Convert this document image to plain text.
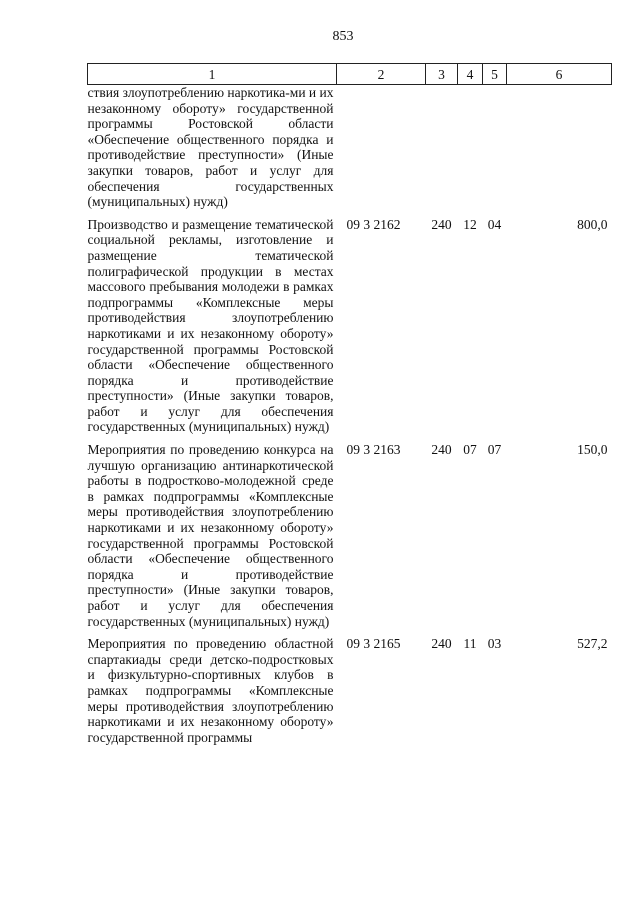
853
1	2	3	4	5	6
ствия злоупотреблению наркотика-ми и их незаконному обороту» государственной программы Ростовской области «Обеспечение общественного порядка и противодействие преступности» (Иные закупки товаров, работ и услуг для обеспечения государственных (муниципальных) нужд)					
Производство и размещение тематической социальной рекламы, изготовление и размещение тематической полиграфической продукции в местах массового пребывания молодежи в рамках подпрограммы «Комплексные меры противодействия злоупотреблению наркотиками и их незаконному обороту» государственной программы Ростовской области «Обеспечение общественного порядка и противодействие преступности» (Иные закупки товаров, работ и услуг для обеспечения государственных (муниципальных) нужд)	09 3 2162	240	12	04	800,0
Мероприятия по проведению конкурса на лучшую организацию антинаркотической работы в подростково-молодежной среде в рамках подпрограммы «Комплексные меры противодействия злоупотреблению наркотиками и их незаконному обороту» государственной программы Ростовской области «Обеспечение общественного порядка и противодействие преступности» (Иные закупки товаров, работ и услуг для обеспечения государственных (муниципальных) нужд)	09 3 2163	240	07	07	150,0
Мероприятия по проведению областной спартакиады среди детско-подростковых и физкультурно-спортивных клубов в рамках подпрограммы «Комплексные меры противодействия злоупотреблению наркотиками и их незаконному обороту» государственной программы	09 3 2165	240	11	03	527,2
